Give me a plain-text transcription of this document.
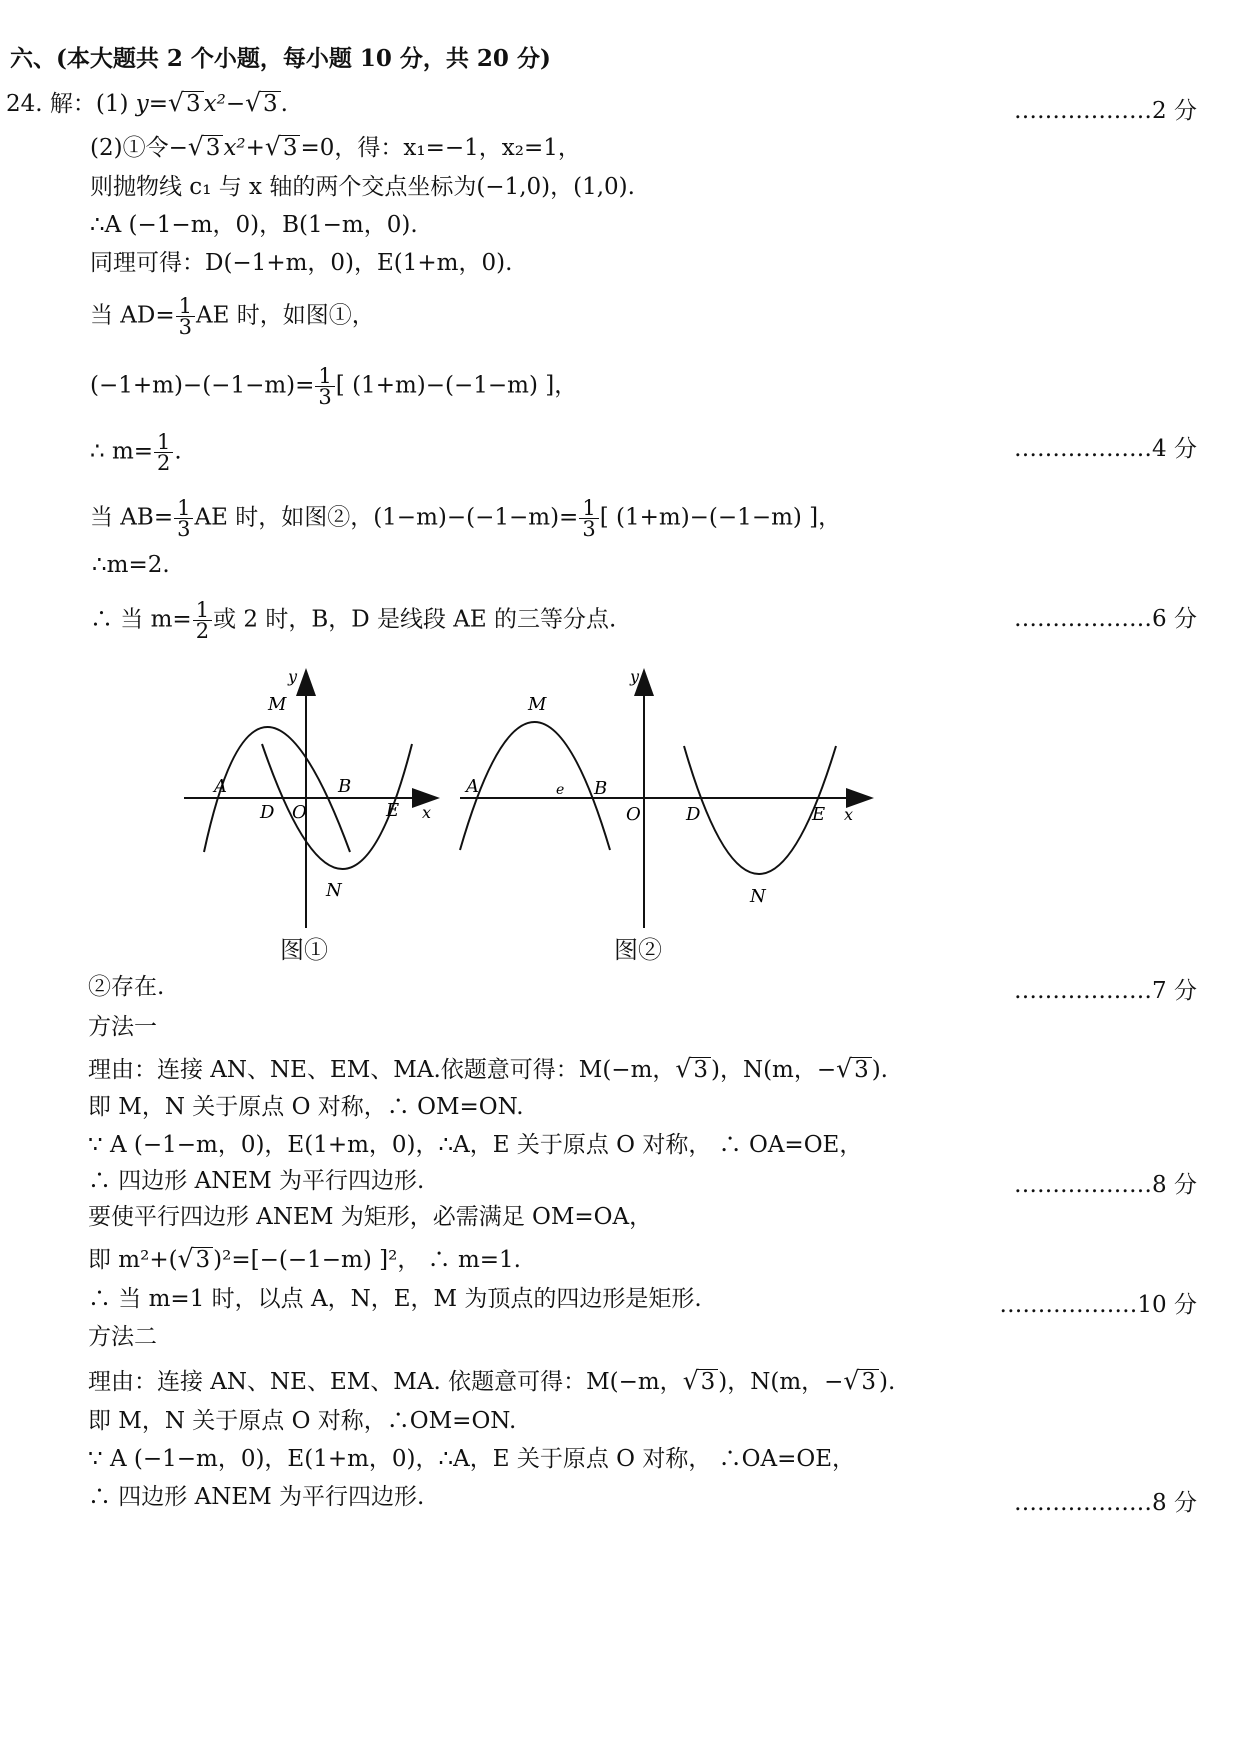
六、(本大题共 2 个小题，每小题 10 分，共 20 分)
24. 解：(1) y=√3 x²−√3 .	………………2 分
(2)①令−√3 x²+√3 =0，得：x₁=−1，x₂=1，
则抛物线 c₁ 与 x 轴的两个交点坐标为(−1,0)，(1,0).
∴A (−1−m，0)，B(1−m，0).
同理可得：D(−1+m，0)，E(1+m，0).
当 $AD= \frac{1}{3}$ AE 时，如图①，
$(-1+m)-(-1-m)= \frac{1}{3}$ [ (1+m)−(−1−m) ]，
∴ $m= \frac{1}{2}$ .	………………4 分
当 $AB= \frac{1}{3}$ AE 时，如图②，$(1-m)-(-1-m)= \frac{1}{3}$ [ (1+m)−(−1−m) ]，
∴m=2.
∴ 当 $m= \frac{1}{2}$ 或 2 时，B，D 是线段 AE 的三等分点.	………………6 分
y
M
A	B
D O	E x
N
图①
y
M
A	e B
O	D	E x
N
图②
②存在.	………………7 分
方法一
理由：连接 AN、NE、EM、MA.依题意可得：M(−m，√3 )，N(m，−√3 ).
即 M，N 关于原点 O 对称，∴ OM=ON.
∵ A (−1−m，0)，E(1+m，0)，∴A，E 关于原点 O 对称， ∴ OA=OE，
∴ 四边形 ANEM 为平行四边形.	………………8 分
要使平行四边形 ANEM 为矩形，必需满足 OM=OA，
即 m²+(√3 )²=[−(−1−m) ]²， ∴ m=1.
∴ 当 m=1 时，以点 A，N，E，M 为顶点的四边形是矩形.	………………10 分
方法二
理由：连接 AN、NE、EM、MA. 依题意可得：M(−m，√3 )，N(m，−√3 ).
即 M，N 关于原点 O 对称，∴OM=ON.
∵ A (−1−m，0)，E(1+m，0)，∴A，E 关于原点 O 对称， ∴OA=OE，
∴ 四边形 ANEM 为平行四边形.	………………8 分
